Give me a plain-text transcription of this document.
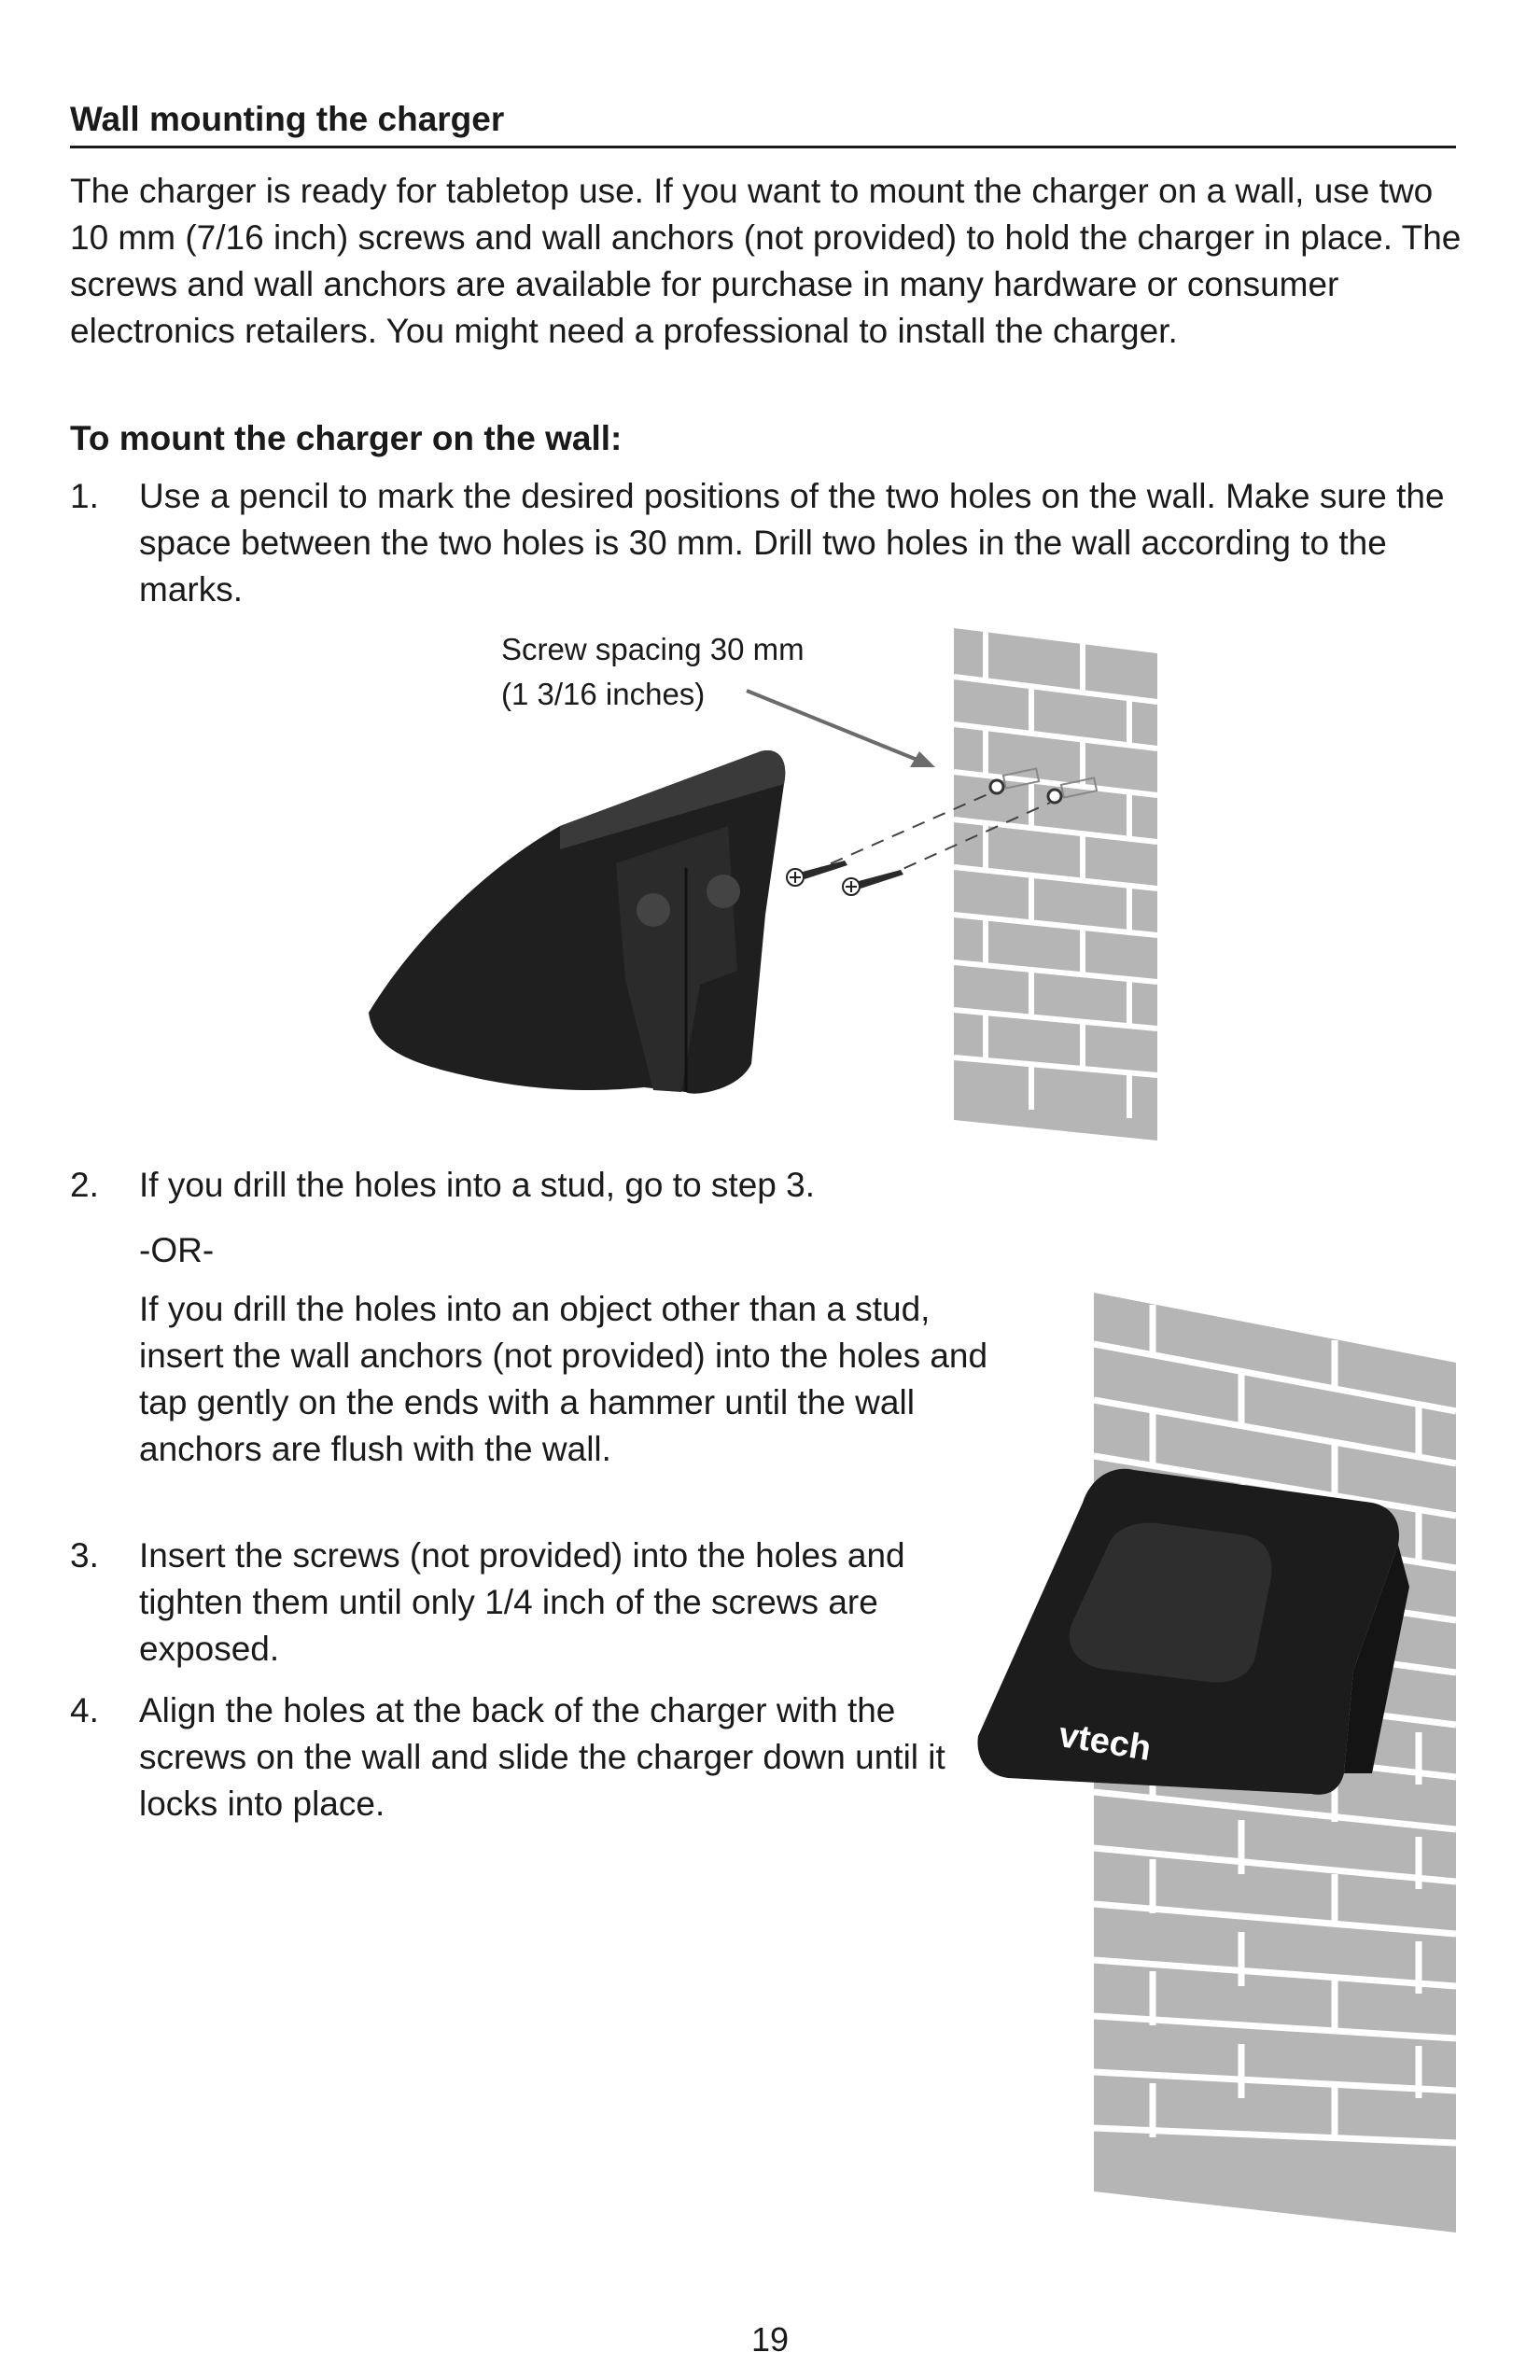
Wall mounting the charger
The charger is ready for tabletop use. If you want to mount the charger on a wall, use two 10 mm (7/16 inch) screws and wall anchors (not provided) to hold the charger in place. The screws and wall anchors are available for purchase in many hardware or consumer electronics retailers. You might need a professional to install the charger.
To mount the charger on the wall:
1. Use a pencil to mark the desired positions of the two holes on the wall. Make sure the space between the two holes is 30 mm. Drill two holes in the wall according to the marks.
Screw spacing 30 mm
(1 3/16 inches)
vtech
2. If you drill the holes into a stud, go to step 3.
-OR-
If you drill the holes into an object other than a stud, insert the wall anchors (not provided) into the holes and tap gently on the ends with a hammer until the wall anchors are flush with the wall.
3. Insert the screws (not provided) into the holes and tighten them until only 1/4 inch of the screws are exposed.
4. Align the holes at the back of the charger with the screws on the wall and slide the charger down until it locks into place.
19
